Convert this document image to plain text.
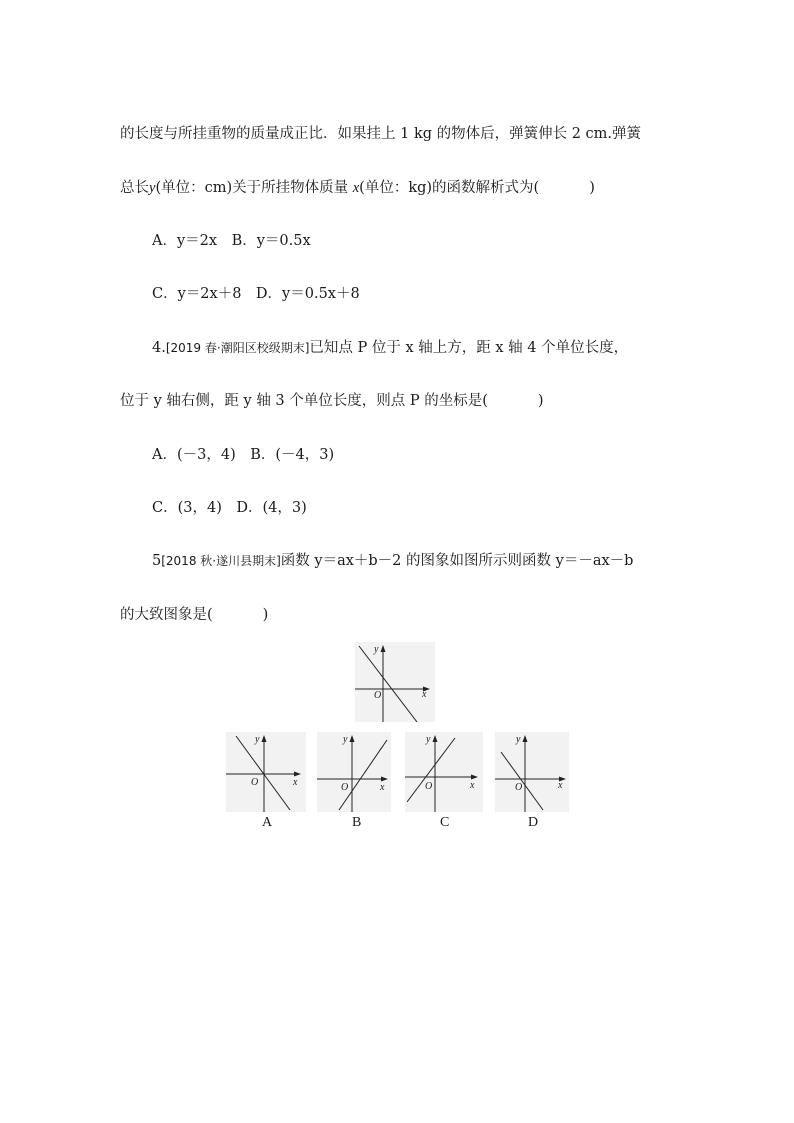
的长度与所挂重物的质量成正比．如果挂上 1 kg 的物体后，弹簧伸长 2 cm.弹簧
总长y(单位：cm)关于所挂物体质量 x(单位：kg)的函数解析式为(	)
A．y＝2x　B．y＝0.5x
C．y＝2x＋8　D．y＝0.5x＋8
4.[2019 春·潮阳区校级期末]已知点 P 位于 x 轴上方，距 x 轴 4 个单位长度，
位于 y 轴右侧，距 y 轴 3 个单位长度，则点 P 的坐标是(	)
A．(－3，4)　B．(－4，3)
C．(3，4)　D．(4，3)
5[2018 秋·遂川县期末]函数 y＝ax＋b－2 的图象如图所示则函数 y＝－ax－b
的大致图象是(	)
y
x
O
y
x
O
y
x
O
y
x
O
y
x
O
A	B	C	D
